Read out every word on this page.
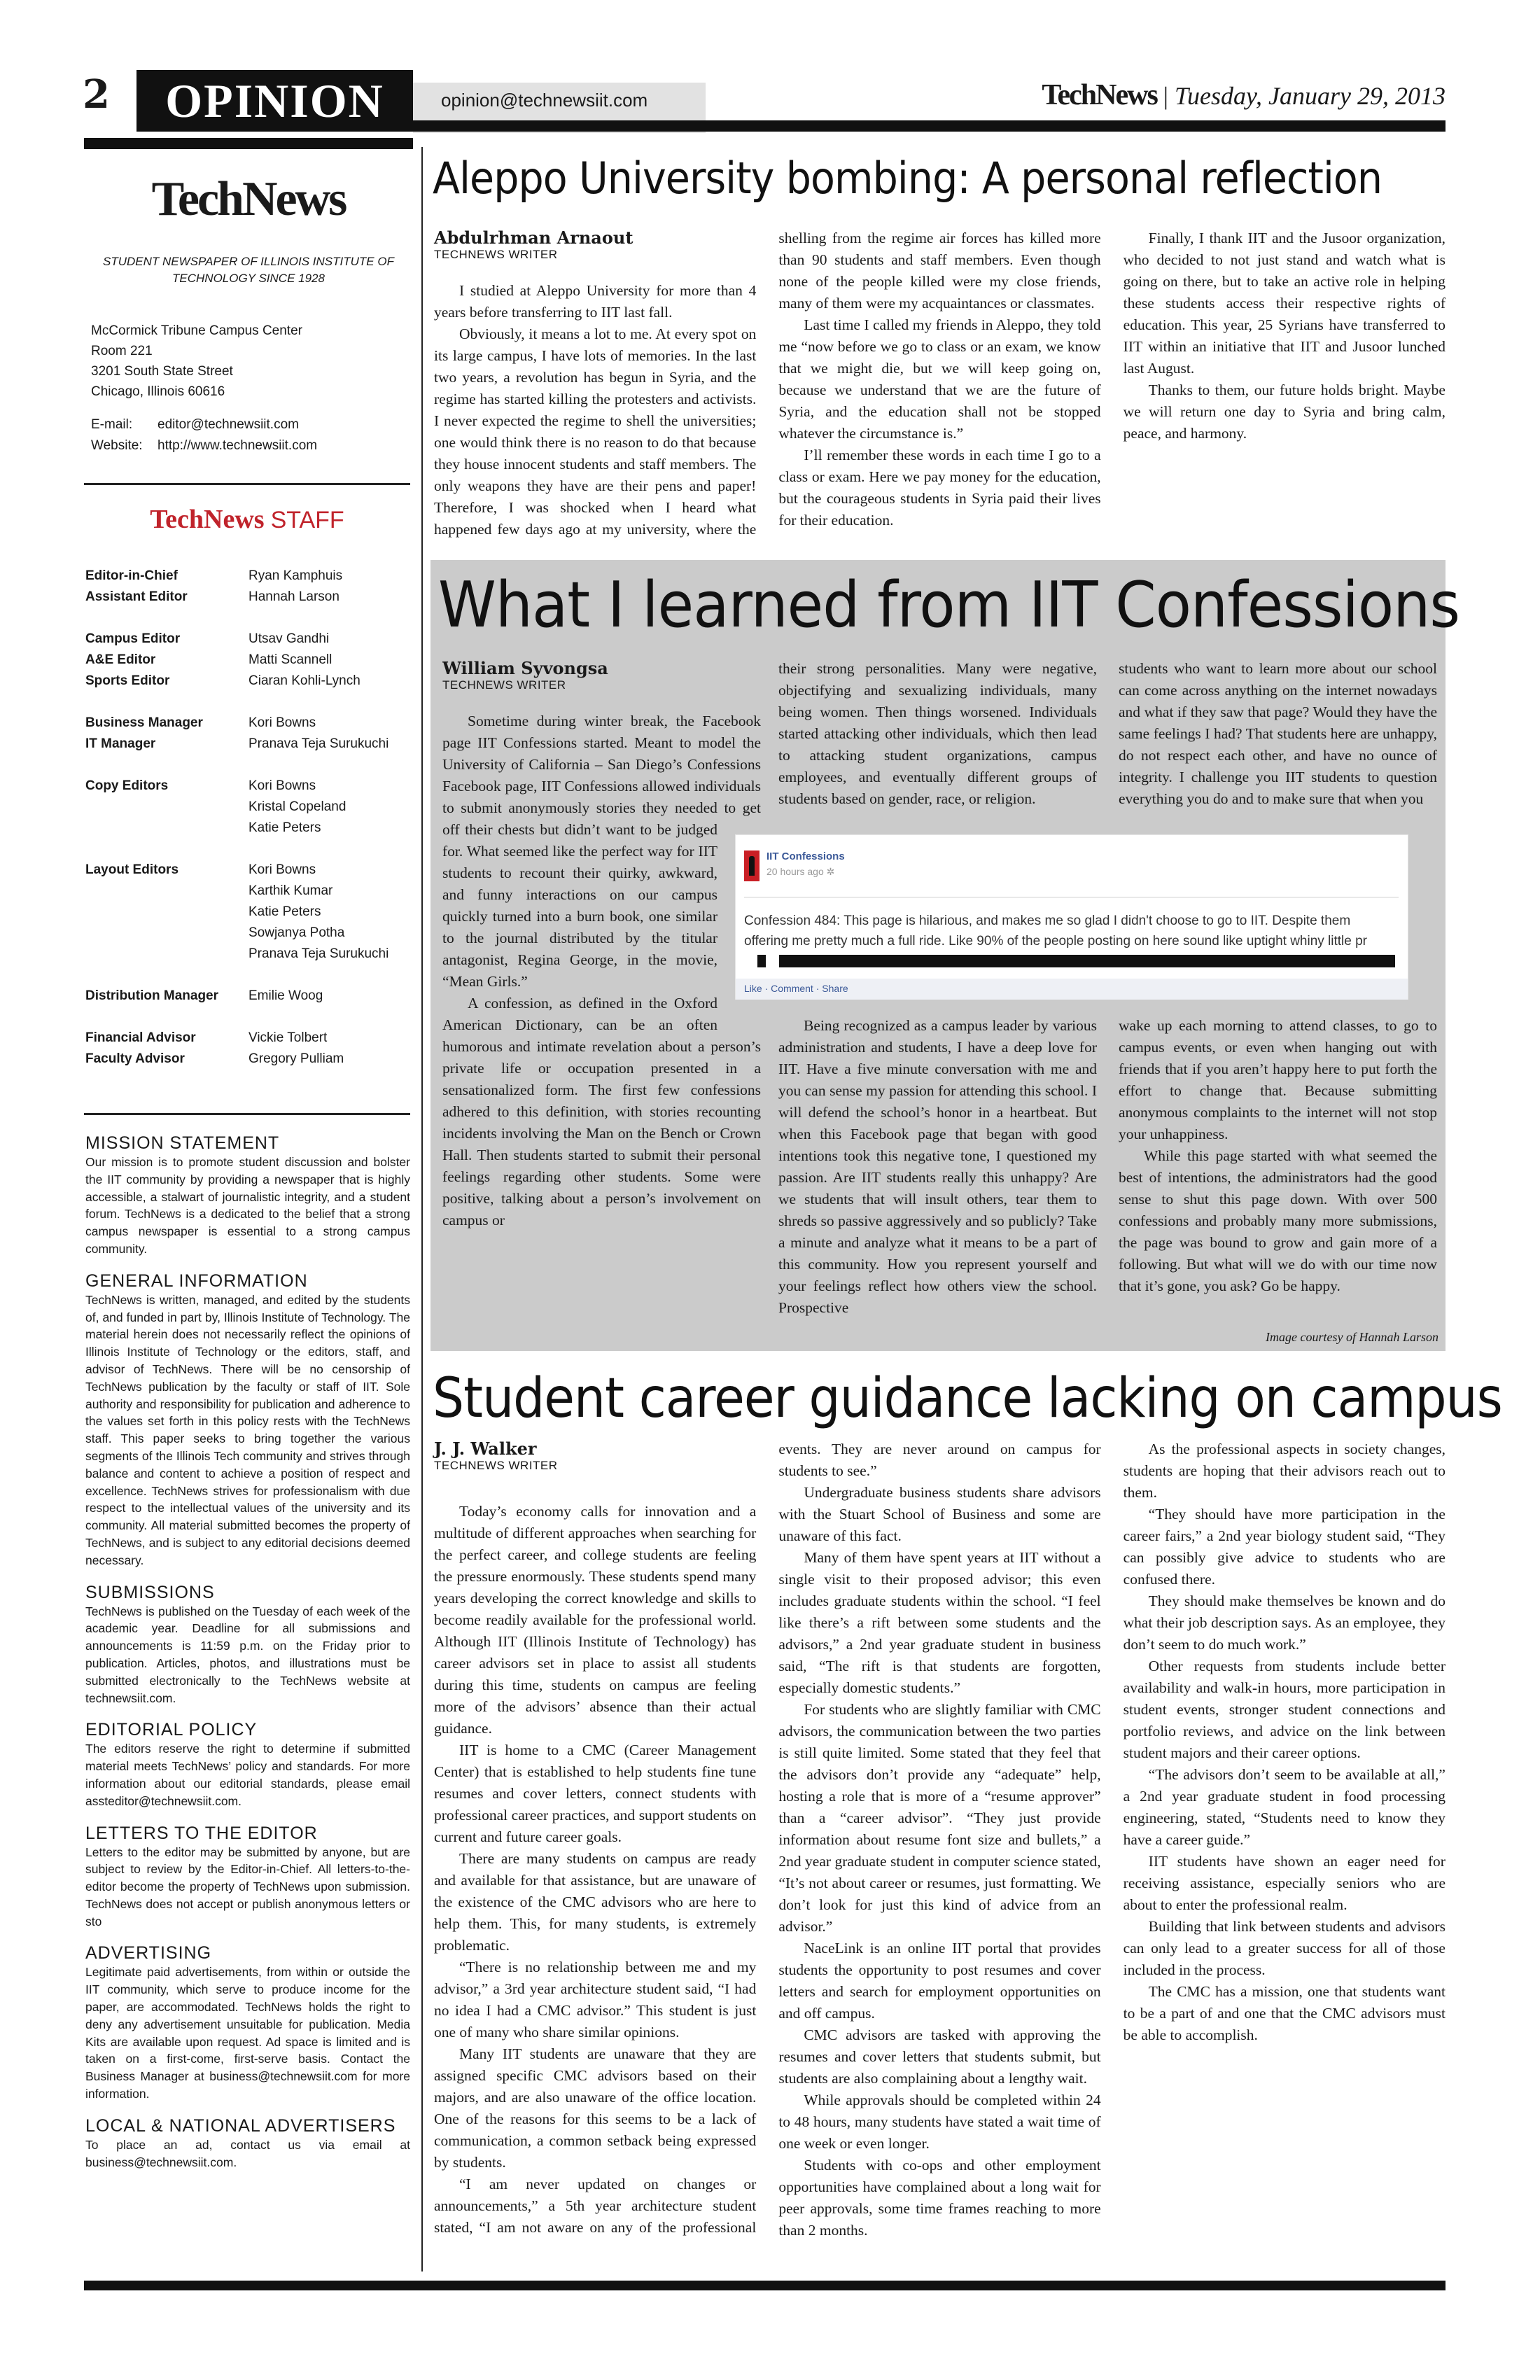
2	OPINION	opinion@technewsiit.com	TechNews | Tuesday, January 29, 2013
TechNews
STUDENT NEWSPAPER OF ILLINOIS INSTITUTE OF TECHNOLOGY SINCE 1928
McCormick Tribune Campus Center
Room 221
3201 South State Street
Chicago, Illinois 60616
E-mail: editor@technewsiit.com
Website: http://www.technewsiit.com
TechNews STAFF
Editor-in-Chief	Ryan Kamphuis
Assistant Editor	Hannah Larson
Campus Editor	Utsav Gandhi
A&E Editor	Matti Scannell
Sports Editor	Ciaran Kohli-Lynch
Business Manager	Kori Bowns
IT Manager	Pranava Teja Surukuchi
Copy Editors	Kori Bowns
Kristal Copeland
Katie Peters
Layout Editors	Kori Bowns
Karthik Kumar
Katie Peters
Sowjanya Potha
Pranava Teja Surukuchi
Distribution Manager	Emilie Woog
Financial Advisor	Vickie Tolbert
Faculty Advisor	Gregory Pulliam
MISSION STATEMENT

Our mission is to promote student discussion and bolster the IIT community by providing a newspaper that is highly accessible, a stalwart of journalistic integrity, and a student forum. TechNews is a dedicated to the belief that a strong campus newspaper is essential to a strong campus community.

GENERAL INFORMATION

TechNews is written, managed, and edited by the students of, and funded in part by, Illinois Institute of Technology. The material herein does not necessarily reflect the opinions of Illinois Institute of Technology or the editors, staff, and advisor of TechNews. There will be no censorship of TechNews publication by the faculty or staff of IIT. Sole authority and responsibility for publication and adherence to the values set forth in this policy rests with the TechNews staff. This paper seeks to bring together the various segments of the Illinois Tech community and strives through balance and content to achieve a position of respect and excellence. TechNews strives for professionalism with due respect to the intellectual values of the university and its community. All material submitted becomes the property of TechNews, and is subject to any editorial decisions deemed necessary.

SUBMISSIONS

TechNews is published on the Tuesday of each week of the academic year. Deadline for all submissions and announcements is 11:59 p.m. on the Friday prior to publication. Articles, photos, and illustrations must be submitted electronically to the TechNews website at technewsiit.com.

EDITORIAL POLICY

The editors reserve the right to determine if submitted material meets TechNews’ policy and standards. For more information about our editorial standards, please email assteditor@technewsiit.com.

LETTERS TO THE EDITOR

Letters to the editor may be submitted by anyone, but are subject to review by the Editor-in-Chief. All letters-to-the-editor become the property of TechNews upon submission. TechNews does not accept or publish anonymous letters or sto

ADVERTISING

Legitimate paid advertisements, from within or outside the IIT community, which serve to produce income for the paper, are accommodated. TechNews holds the right to deny any advertisement unsuitable for publication. Media Kits are available upon request. Ad space is limited and is taken on a first-come, first-serve basis. Contact the Business Manager at business@technewsiit.com for more information.

LOCAL & NATIONAL ADVERTISERS

To place an ad, contact us via email at business@technewsiit.com.

Aleppo University bombing: A personal reflection

Abdulrhman Arnaout

TECHNEWS WRITER

I studied at Aleppo University for more than 4 years before transferring to IIT last fall.

Obviously, it means a lot to me. At every spot on its large campus, I have lots of memories. In the last two years, a revolution has begun in Syria, and the regime has started killing the protesters and activists. I never expected the regime to shell the universities; one would think there is no reason to do that because they house innocent students and staff members. The only weapons they have are their pens and paper! Therefore, I was shocked when I heard what happened few days ago at my university, where the shelling from the regime air forces has killed more than 90 students and staff members. Even though none of the people killed were my close friends, many of them were my acquaintances or classmates.

Last time I called my friends in Aleppo, they told me “now before we go to class or an exam, we know that we might die, but we will keep going on, because we understand that we are the future of Syria, and the education shall not be stopped whatever the circumstance is.”

I’ll remember these words in each time I go to a class or exam. Here we pay money for the education, but the courageous students in Syria paid their lives for their education.

Finally, I thank IIT and the Jusoor organization, who decided to not just stand and watch what is going on there, but to take an active role in helping these students access their respective rights of education. This year, 25 Syrians have transferred to IIT within an initiative that IIT and Jusoor lunched last August.

Thanks to them, our future holds bright. Maybe we will return one day to Syria and bring calm, peace, and harmony.

What I learned from IIT Confessions

William Syvongsa

TECHNEWS WRITER

Sometime during winter break, the Facebook page IIT Confessions started. Meant to model the University of California – San Diego’s Confessions Facebook page, IIT Confessions allowed individuals to submit anonymously stories they needed to get off their chests but didn’t want to be judged for. What seemed like the perfect way for IIT students to recount their quirky, awkward, and funny interactions on our campus quickly turned into a burn book, one similar to the journal distributed by the titular antagonist, Regina George, in the movie, “Mean Girls.”

A confession, as defined in the Oxford American Dictionary, can be an often humorous and intimate revelation about a person’s private life or occupation presented in a sensationalized form. The first few confessions adhered to this definition, with stories recounting incidents involving the Man on the Bench or Crown Hall. Then students started to submit their personal feelings regarding other students. Some were positive, talking about a person’s involvement on campus or

their strong personalities. Many were negative, objectifying and sexualizing individuals, many being women. Then things worsened. Individuals started attacking other individuals, which then lead to attacking student organizations, campus employees, and eventually different groups of students based on gender, race, or religion.

Being recognized as a campus leader by various administration and students, I have a deep love for IIT. Have a five minute conversation with me and you can sense my passion for attending this school. I will defend the school’s honor in a heartbeat. But when this Facebook page that began with good intentions took this negative tone, I questioned my passion. Are IIT students really this unhappy? Are we students that will insult others, tear them to shreds so passive aggressively and so publicly? Take a minute and analyze what it means to be a part of this community. How you represent yourself and your feelings reflect how others view the school. Prospective

students who want to learn more about our school can come across anything on the internet nowadays and what if they saw that page? Would they have the same feelings I had? That students here are unhappy, do not respect each other, and have no ounce of integrity. I challenge you IIT students to question everything you do and to make sure that when you

wake up each morning to attend classes, to go to campus events, or even when hanging out with friends that if you aren’t happy here to put forth the effort to change that. Because submitting anonymous complaints to the internet will not stop your unhappiness.

While this page started with what seemed the best of intentions, the administrators had the good sense to shut this page down. With over 500 confessions and probably many more submissions, the page was bound to grow and gain more of a following. But what will we do with our time now that it’s gone, you ask? Go be happy.

IIT Confessions
20 hours ago ✲
Confession 484: This page is hilarious, and makes me so glad I didn't choose to go to IIT. Despite them offering me pretty much a full ride. Like 90% of the people posting on here sound like uptight whiny little pr
Like · Comment · Share
Image courtesy of Hannah Larson
Student career guidance lacking on campus

J. J. Walker

TECHNEWS WRITER

Today’s economy calls for innovation and a multitude of different approaches when searching for the perfect career, and college students are feeling the pressure enormously. These students spend many years developing the correct knowledge and skills to become readily available for the professional world. Although IIT (Illinois Institute of Technology) has career advisors set in place to assist all students during this time, students on campus are feeling more of the advisors’ absence than their actual guidance.

IIT is home to a CMC (Career Management Center) that is established to help students fine tune resumes and cover letters, connect students with professional career practices, and support students on current and future career goals.

There are many students on campus are ready and available for that assistance, but are unaware of the existence of the CMC advisors who are here to help them. This, for many students, is extremely problematic.

“There is no relationship between me and my advisor,” a 3rd year architecture student said, “I had no idea I had a CMC advisor.” This student is just one of many who share similar opinions.

Many IIT students are unaware that they are assigned specific CMC advisors based on their majors, and are also unaware of the office location. One of the reasons for this seems to be a lack of communication, a common setback being expressed by students.

“I am never updated on changes or announcements,” a 5th year architecture student stated, “I am not aware on any of the professional events. They are never around on campus for students to see.”

Undergraduate business students share advisors with the Stuart School of Business and some are unaware of this fact.

Many of them have spent years at IIT without a single visit to their proposed advisor; this even includes graduate students within the school. “I feel like there’s a rift between some students and the advisors,” a 2nd year graduate student in business said, “The rift is that students are forgotten, especially domestic students.”

For students who are slightly familiar with CMC advisors, the communication between the two parties is still quite limited. Some stated that they feel that the advisors don’t provide any “adequate” help, hosting a role that is more of a “resume approver” than a “career advisor”. “They just provide information about resume font size and bullets,” a 2nd year graduate student in computer science stated, “It’s not about career or resumes, just formatting. We don’t look for just this kind of advice from an advisor.”

NaceLink is an online IIT portal that provides students the opportunity to post resumes and cover letters and search for employment opportunities on and off campus.

CMC advisors are tasked with approving the resumes and cover letters that students submit, but students are also complaining about a lengthy wait.

While approvals should be completed within 24 to 48 hours, many students have stated a wait time of one week or even longer.

Students with co-ops and other employment opportunities have complained about a long wait for peer approvals, some time frames reaching to more than 2 months.

As the professional aspects in society changes, students are hoping that their advisors reach out to them.

“They should have more participation in the career fairs,” a 2nd year biology student said, “They can possibly give advice to students who are confused there.

They should make themselves be known and do what their job description says. As an employee, they don’t seem to do much work.”

Other requests from students include better availability and walk-in hours, more participation in student events, stronger student connections and portfolio reviews, and advice on the link between student majors and their career options.

“The advisors don’t seem to be available at all,” a 2nd year graduate student in food processing engineering, stated, “Students need to know they have a career guide.”

IIT students have shown an eager need for receiving assistance, especially seniors who are about to enter the professional realm.

Building that link between students and advisors can only lead to a greater success for all of those included in the process.

The CMC has a mission, one that students want to be a part of and one that the CMC advisors must be able to accomplish.
